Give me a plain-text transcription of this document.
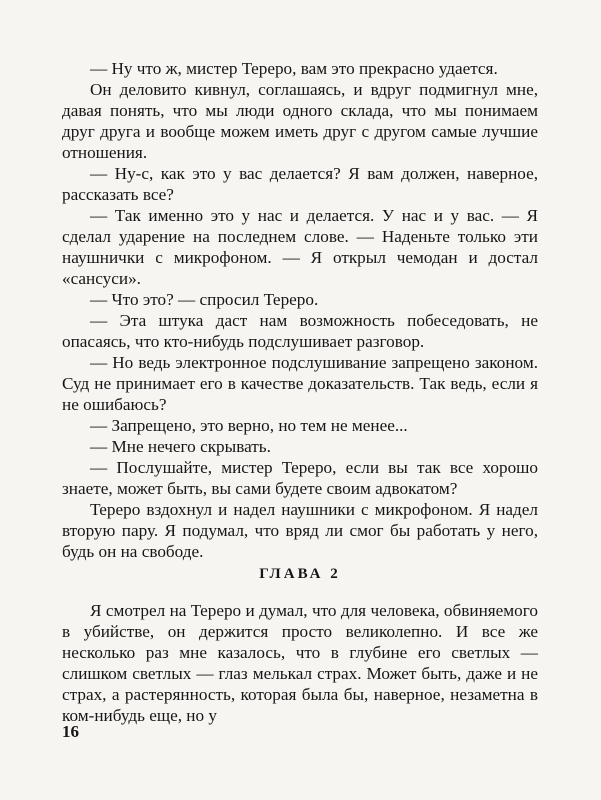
— Ну что ж, мистер Tepepo, вам это прекрасно удается.

Он деловито кивнул, соглашаясь, и вдруг подмигнул мне, давая понять, что мы люди одного склада, что мы понимаем друг друга и вообще можем иметь друг с другом самые лучшие отношения.

— Ну-с, как это у вас делается? Я вам должен, наверное, рассказать все?

— Так именно это у нас и делается. У нас и у вас. — Я сделал ударение на последнем слове. — Наденьте только эти наушнички с микрофоном. — Я открыл чемодан и достал «сансуси».

— Что это? — спросил Tepepo.

— Эта штука даст нам возможность побеседовать, не опасаясь, что кто-нибудь подслушивает разговор.

— Но ведь электронное подслушивание запрещено законом. Суд не принимает его в качестве доказательств. Так ведь, если я не ошибаюсь?

— Запрещено, это верно, но тем не менее...

— Мне нечего скрывать.

— Послушайте, мистер Tepepo, если вы так все хорошо знаете, может быть, вы сами будете своим адвокатом?

Tepepo вздохнул и надел наушники с микрофоном. Я надел вторую пару. Я подумал, что вряд ли смог бы работать у него, будь он на свободе.

ГЛАВА 2

Я смотрел на Tepepo и думал, что для человека, обвиняемого в убийстве, он держится просто великолепно. И все же несколько раз мне казалось, что в глубине его светлых — слишком светлых — глаз мелькал страх. Может быть, даже и не страх, а растерянность, которая была бы, наверное, незаметна в ком-нибудь еще, но у

16
